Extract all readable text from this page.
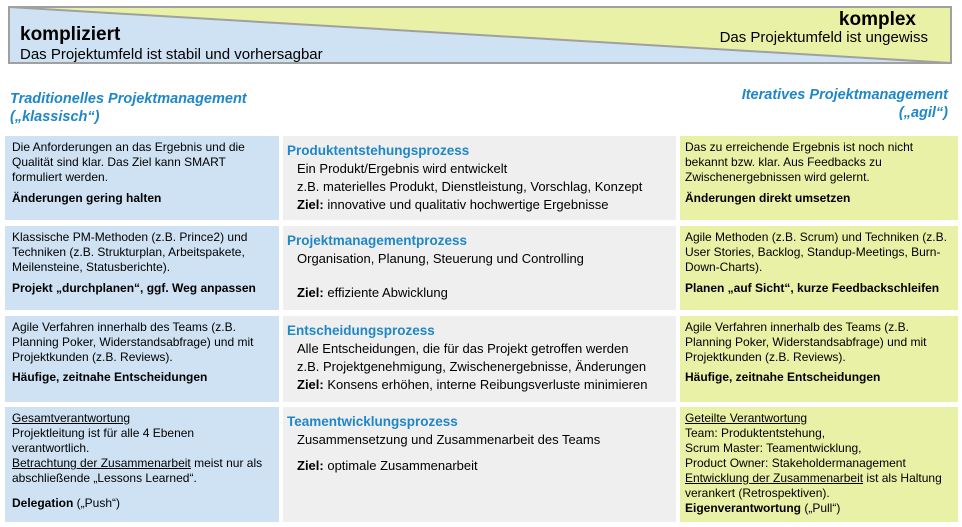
kompliziert
Das Projektumfeld ist stabil und vorhersagbar
komplex
Das Projektumfeld ist ungewiss
Traditionelles Projektmanagement
(„klassisch“)
Iteratives Projektmanagement
(„agil“)
Die Anforderungen an das Ergebnis und die Qualität sind klar. Das Ziel kann SMART formuliert werden.
Änderungen gering halten
Produktentstehungsprozess
Ein Produkt/Ergebnis wird entwickelt
z.B. materielles Produkt, Dienstleistung, Vorschlag, Konzept
Ziel: innovative und qualitativ hochwertige Ergebnisse
Das zu erreichende Ergebnis ist noch nicht bekannt bzw. klar. Aus Feedbacks zu Zwischenergebnissen wird gelernt.
Änderungen direkt umsetzen
Klassische PM-Methoden (z.B. Prince2) und Techniken (z.B. Strukturplan, Arbeitspakete, Meilensteine, Statusberichte).
Projekt „durchplanen“, ggf. Weg anpassen
Projektmanagementprozess
Organisation, Planung, Steuerung und Controlling
Ziel: effiziente Abwicklung
Agile Methoden (z.B. Scrum) und Techniken (z.B. User Stories, Backlog, Standup-Meetings, Burn-Down-Charts).
Planen „auf Sicht“, kurze Feedbackschleifen
Agile Verfahren innerhalb des Teams (z.B. Planning Poker, Widerstandsabfrage) und mit Projektkunden (z.B. Reviews).
Häufige, zeitnahe Entscheidungen
Entscheidungsprozess
Alle Entscheidungen, die für das Projekt getroffen werden
z.B. Projektgenehmigung, Zwischenergebnisse, Änderungen
Ziel: Konsens erhöhen, interne Reibungsverluste minimieren
Agile Verfahren innerhalb des Teams (z.B. Planning Poker, Widerstandsabfrage) und mit Projektkunden (z.B. Reviews).
Häufige, zeitnahe Entscheidungen
Gesamtverantwortung
Projektleitung ist für alle 4 Ebenen verantwortlich.
Betrachtung der Zusammenarbeit meist nur als abschließende „Lessons Learned“.
Delegation („Push“)
Teamentwicklungsprozess
Zusammensetzung und Zusammenarbeit des Teams
Ziel: optimale Zusammenarbeit
Geteilte Verantwortung
Team: Produktentstehung,
Scrum Master: Teamentwicklung,
Product Owner: Stakeholdermanagement
Entwicklung der Zusammenarbeit ist als Haltung verankert (Retrospektiven).
Eigenverantwortung („Pull“)
